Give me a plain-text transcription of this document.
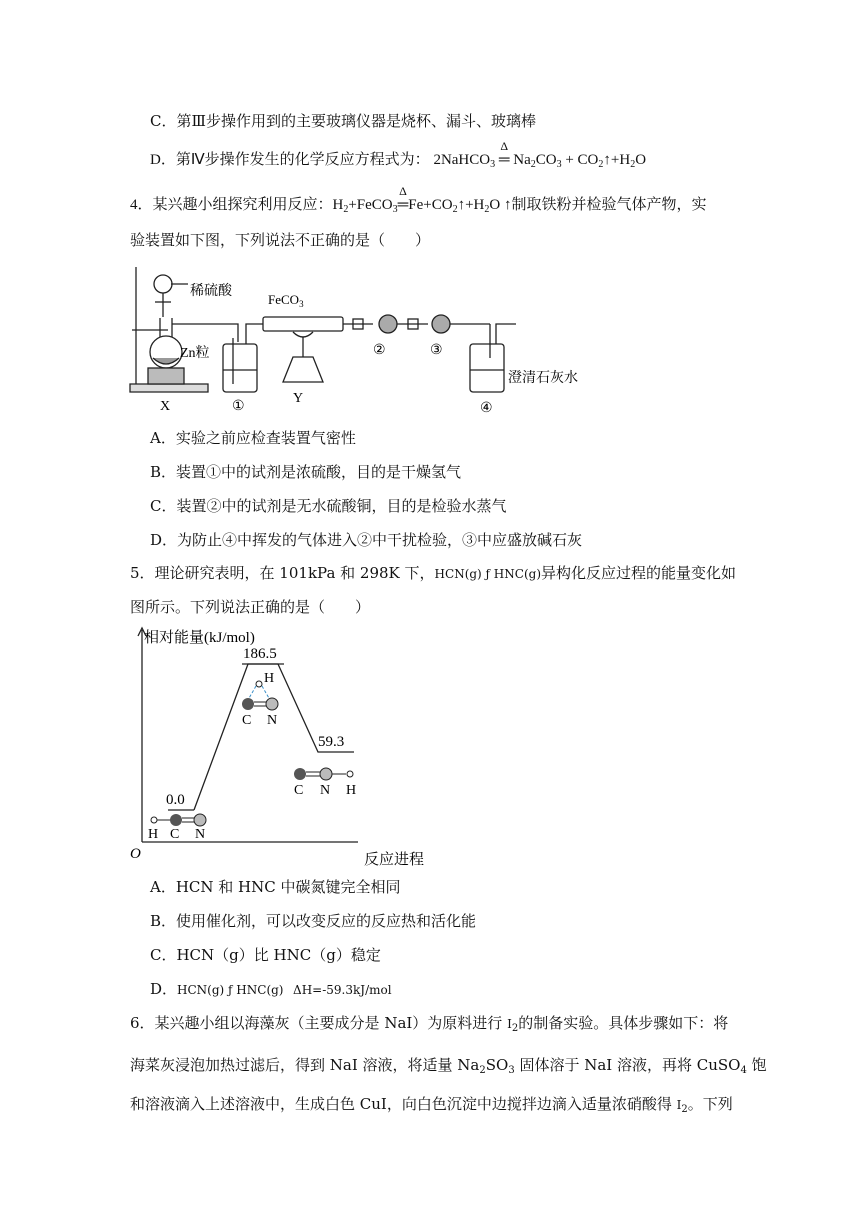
C．第Ⅲ步操作用到的主要玻璃仪器是烧杯、漏斗、玻璃棒
D．第Ⅳ步操作发生的化学反应方程式为： 2NaHCO$_3$
Δ
═ $Na_2CO_3$ + $CO_2↑+H_2O$
4．某兴趣小组探究利用反应：$H_2+FeCO_3$
Δ
$═Fe+CO_2↑+H_2O$ ↑制取铁粉并检验气体产物，实
验装置如下图，下列说法不正确的是（　　）
稀硫酸
Zn粒
FeCO$_3$
澄清石灰水
X
Y
①
②	③
④
A．实验之前应检查装置气密性
B．装置①中的试剂是浓硫酸，目的是干燥氢气
C．装置②中的试剂是无水硫酸铜，目的是检验水蒸气
D．为防止④中挥发的气体进入②中干扰检验，③中应盛放碱石灰
5．理论研究表明，在 101kPa 和 298K 下，HCN(g) ƒ HNC(g)异构化反应过程的能量变化如
图所示。下列说法正确的是（　　）
相对能量(kJ/mol)
反应进程
O
0.0
186.5
59.3
H C N
H
C N
C N H
A．HCN 和 HNC 中碳氮键完全相同
B．使用催化剂，可以改变反应的反应热和活化能
C．HCN（g）比 HNC（g）稳定
D．HCN(g) ƒ HNC(g) ΔH=-59.3kJ/mol
6．某兴趣小组以海藻灰（主要成分是 NaI）为原料进行 $I_2$的制备实验。具体步骤如下：将
海菜灰浸泡加热过滤后，得到 NaI 溶液，将适量 $Na_2SO_3$ 固体溶于 NaI 溶液，再将 CuSO$_4$ 饱
和溶液滴入上述溶液中，生成白色 CuI，向白色沉淀中边搅拌边滴入适量浓硝酸得 $I_2$。下列
